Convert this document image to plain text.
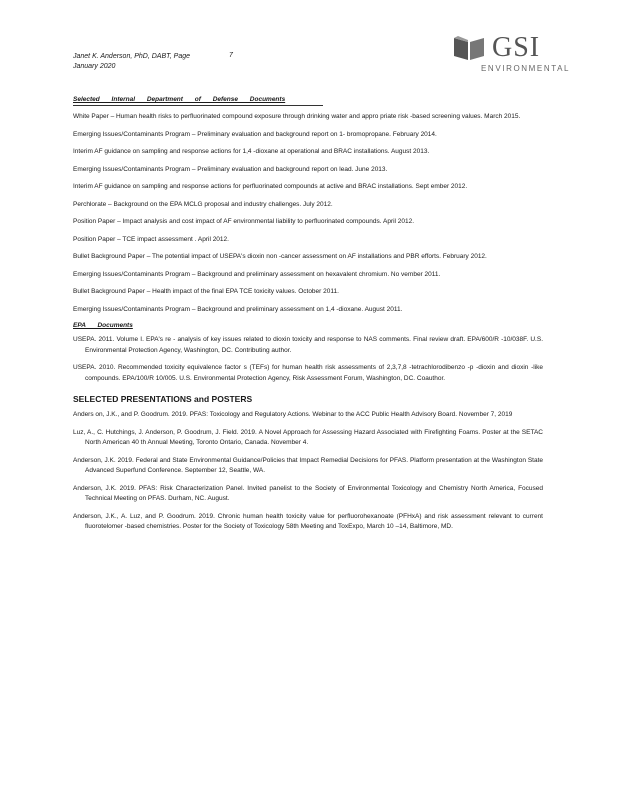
Janet K. Anderson, PhD, DABT, Page
January 2020
7	GSI
ENVIRONMENTAL
Selected Internal Department of Defense Documents
White Paper – Human health risks to perfluorinated compound exposure through drinking water and appro priate risk -based screening values. March 2015.
Emerging Issues/Contaminants Program – Preliminary evaluation and background report on 1- bromopropane. February 2014.
Interim AF guidance on sampling and response actions for 1,4 -dioxane at operational and BRAC installations. August 2013.
Emerging Issues/Contaminants Program – Preliminary evaluation and background report on lead. June 2013.
Interim AF guidance on sampling and response actions for perfluorinated compounds at active and BRAC installations. Sept ember 2012.
Perchlorate – Background on the EPA MCLG proposal and industry challenges. July 2012.
Position Paper – Impact analysis and cost impact of AF environmental liability to perfluorinated compounds. April 2012.
Position Paper – TCE impact assessment . April 2012.
Bullet Background Paper – The potential impact of USEPA's dioxin non -cancer assessment on AF installations and PBR efforts. February 2012.
Emerging Issues/Contaminants Program – Background and preliminary assessment on hexavalent chromium. No vember 2011.
Bullet Background Paper – Health impact of the final EPA TCE toxicity values. October 2011.
Emerging Issues/Contaminants Program – Background and preliminary assessment on 1,4 -dioxane. August 2011.
EPA Documents
USEPA. 2011. Volume I. EPA's re - analysis of key issues related to dioxin toxicity and response to NAS comments. Final review draft. EPA/600/R -10/038F. U.S. Environmental Protection Agency, Washington, DC. Contributing author.
USEPA. 2010. Recommended toxicity equivalence factor s (TEFs) for human health risk assessments of 2,3,7,8 -tetrachlorodibenzo -p -dioxin and dioxin -like compounds. EPA/100/R 10/005. U.S. Environmental Protection Agency, Risk Assessment Forum, Washington, DC. Coauthor.
SELECTED PRESENTATIONS and POSTERS
Anders on, J.K., and P. Goodrum. 2019. PFAS: Toxicology and Regulatory Actions. Webinar to the ACC Public Health Advisory Board. November 7, 2019
Luz, A., C. Hutchings, J. Anderson, P. Goodrum, J. Field. 2019. A Novel Approach for Assessing Hazard Associated with Firefighting Foams. Poster at the SETAC North American 40 th Annual Meeting, Toronto Ontario, Canada. November 4.
Anderson, J.K. 2019. Federal and State Environmental Guidance/Policies that Impact Remedial Decisions for PFAS. Platform presentation at the Washington State Advanced Superfund Conference. September 12, Seattle, WA.
Anderson, J.K. 2019. PFAS: Risk Characterization Panel. Invited panelist to the Society of Environmental Toxicology and Chemistry North America, Focused Technical Meeting on PFAS. Durham, NC. August.
Anderson, J.K., A. Luz, and P. Goodrum. 2019. Chronic human health toxicity value for perfluorohexanoate (PFHxA) and risk assessment relevant to current fluorotelomer -based chemistries. Poster for the Society of Toxicology 58th Meeting and ToxExpo, March 10 –14, Baltimore, MD.
